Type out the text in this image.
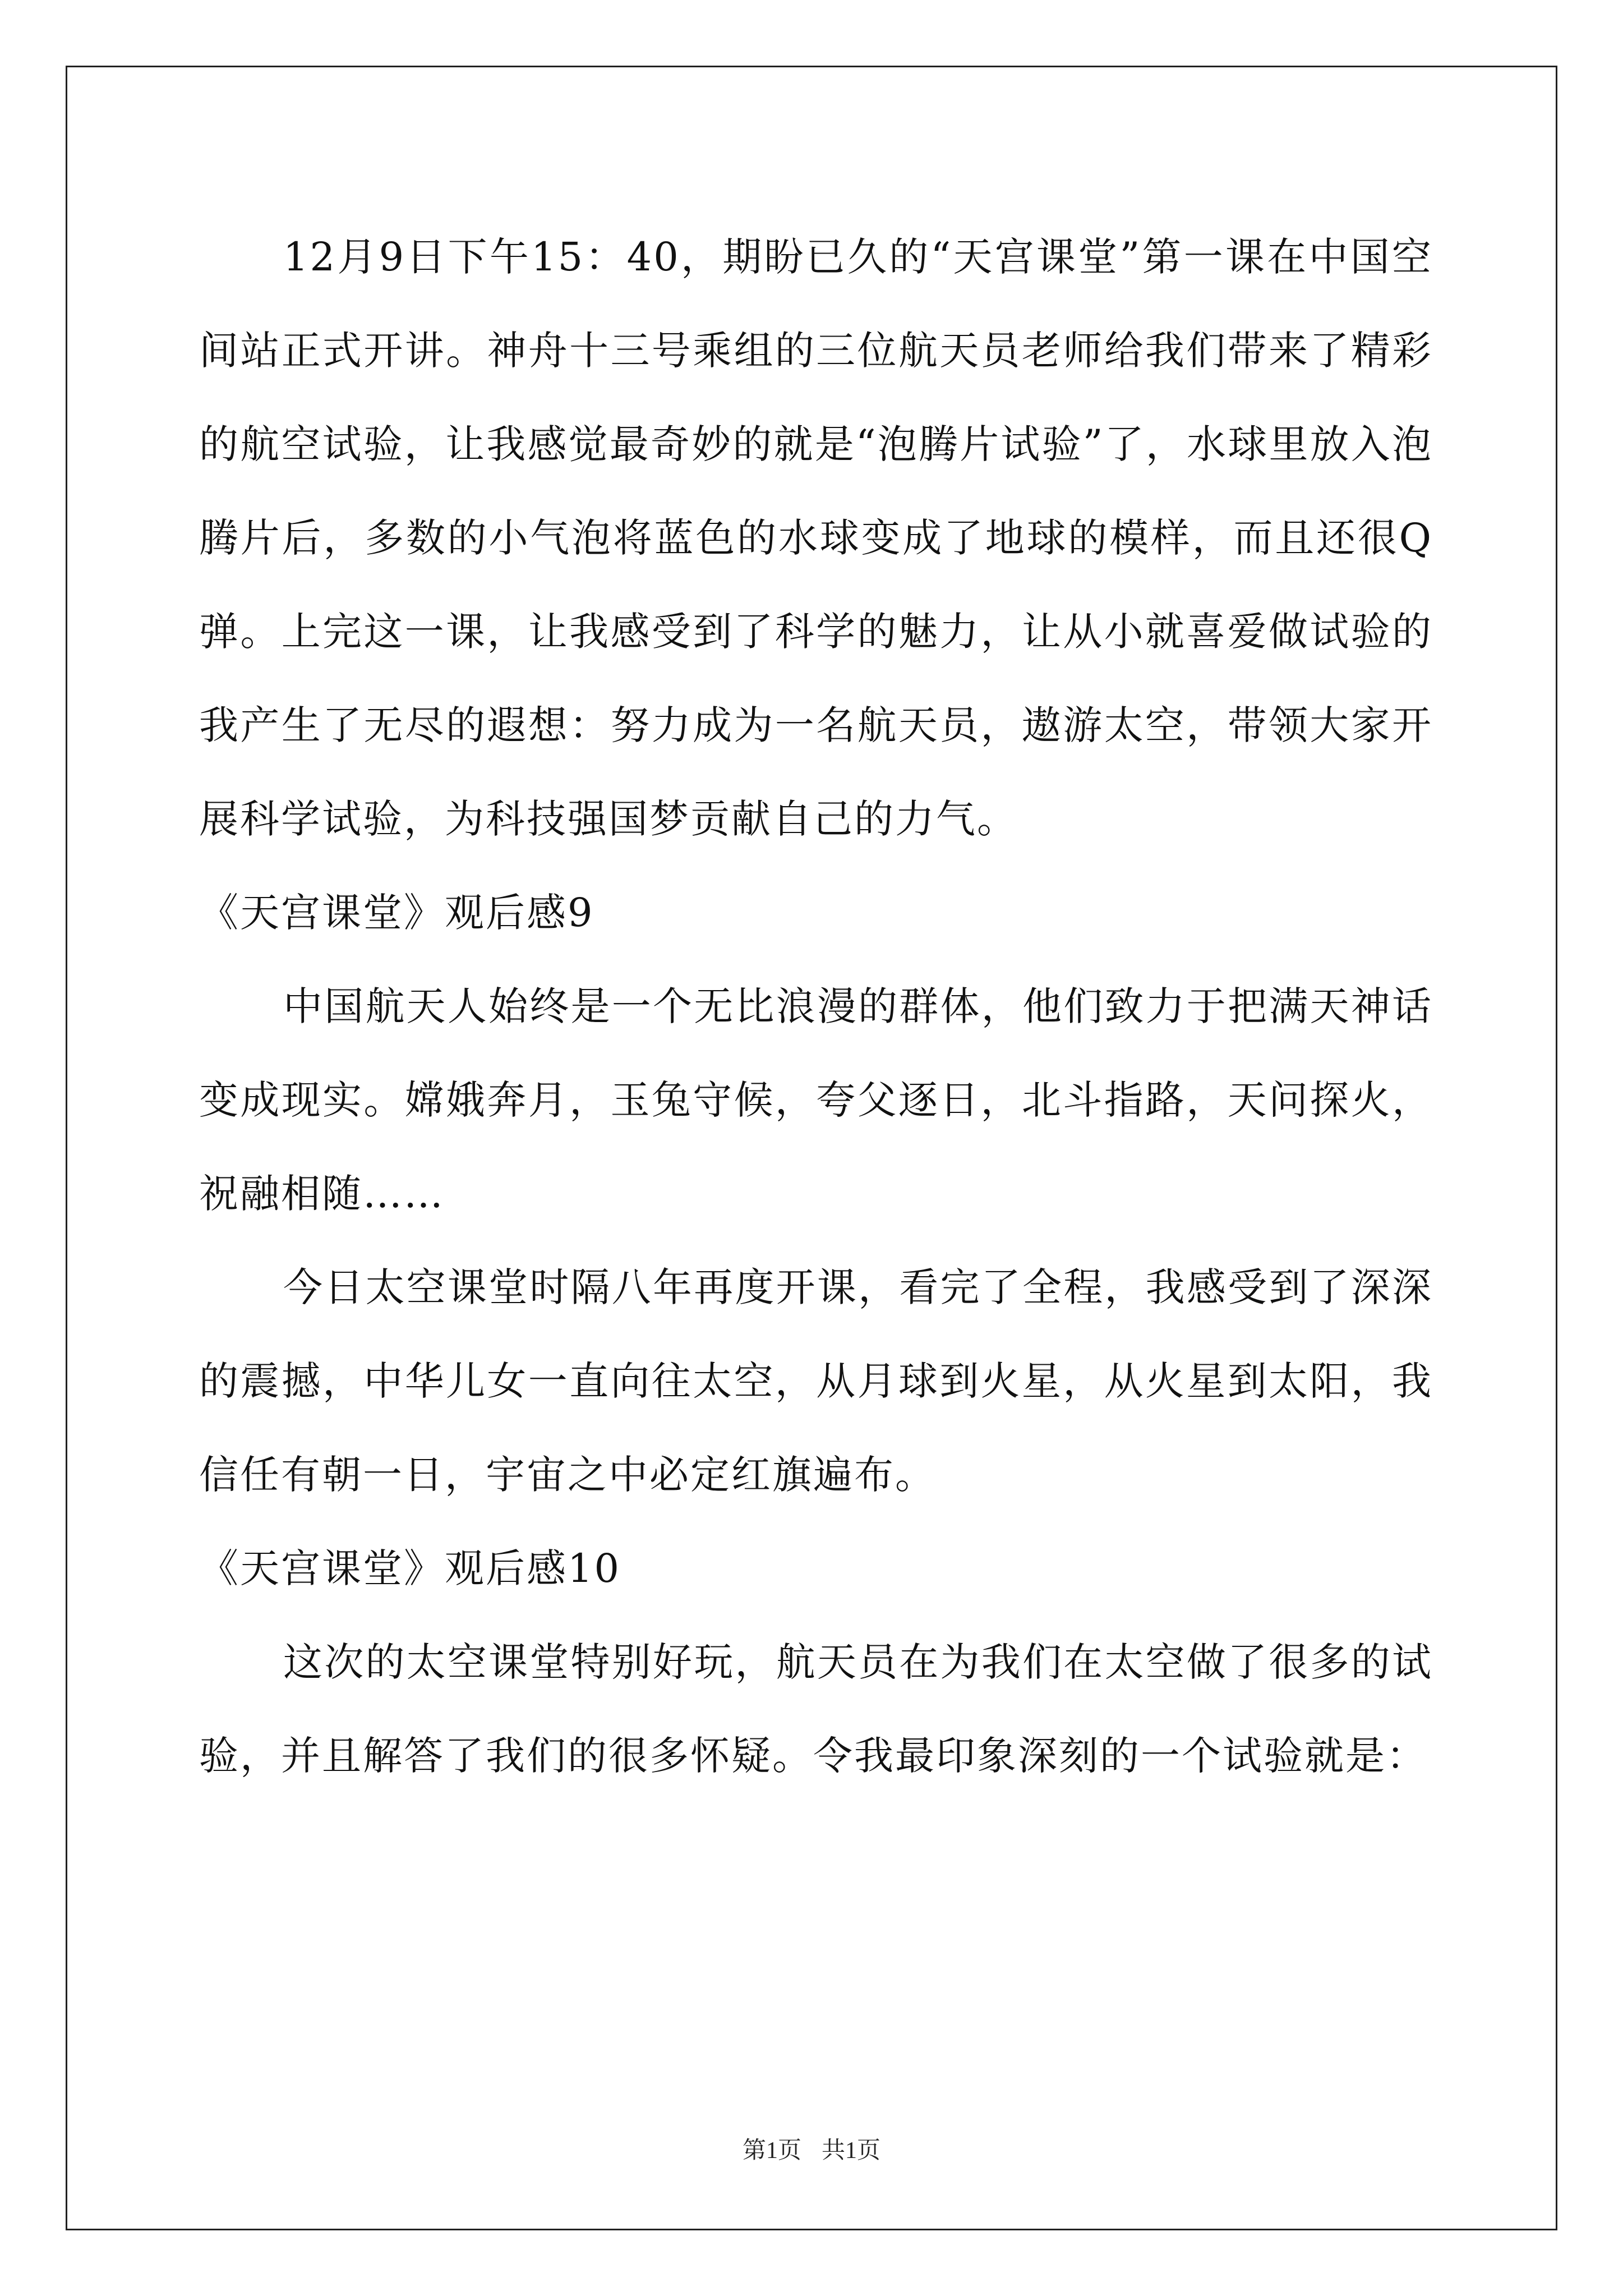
12月9日下午15：40，期盼已久的“天宫课堂”第一课在中国空间站正式开讲。神舟十三号乘组的三位航天员老师给我们带来了精彩的航空试验，让我感觉最奇妙的就是“泡腾片试验”了，水球里放入泡腾片后，多数的小气泡将蓝色的水球变成了地球的模样，而且还很Q弹。上完这一课，让我感受到了科学的魅力，让从小就喜爱做试验的我产生了无尽的遐想：努力成为一名航天员，遨游太空，带领大家开展科学试验，为科技强国梦贡献自己的力气。

《天宫课堂》观后感9

中国航天人始终是一个无比浪漫的群体，他们致力于把满天神话变成现实。嫦娥奔月，玉兔守候，夸父逐日，北斗指路，天问探火，祝融相随……

今日太空课堂时隔八年再度开课，看完了全程，我感受到了深深的震撼，中华儿女一直向往太空，从月球到火星，从火星到太阳，我信任有朝一日，宇宙之中必定红旗遍布。

《天宫课堂》观后感10

这次的太空课堂特别好玩，航天员在为我们在太空做了很多的试验，并且解答了我们的很多怀疑。令我最印象深刻的一个试验就是：

第1页 共1页
